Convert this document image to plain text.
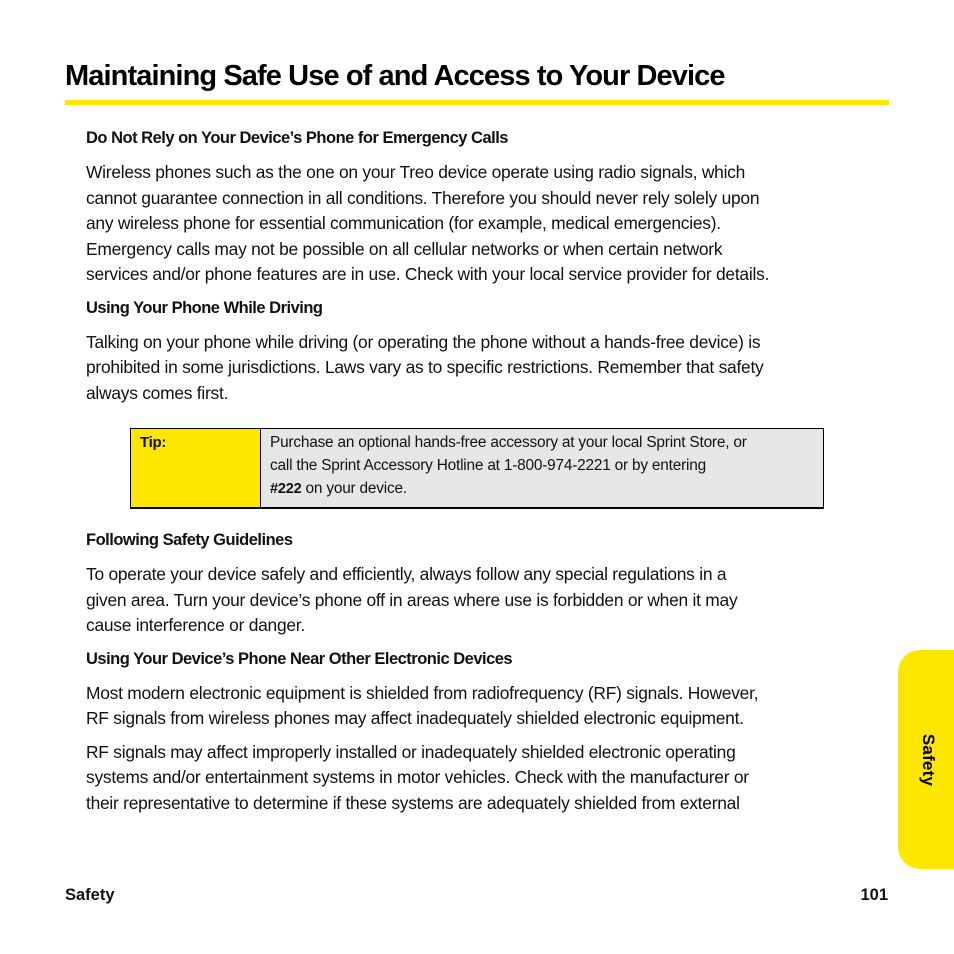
Maintaining Safe Use of and Access to Your Device
Do Not Rely on Your Device’s Phone for Emergency Calls

Wireless phones such as the one on your Treo device operate using radio signals, which
cannot guarantee connection in all conditions. Therefore you should never rely solely upon
any wireless phone for essential communication (for example, medical emergencies).
Emergency calls may not be possible on all cellular networks or when certain network
services and/or phone features are in use. Check with your local service provider for details.

Using Your Phone While Driving

Talking on your phone while driving (or operating the phone without a hands-free device) is
prohibited in some jurisdictions. Laws vary as to specific restrictions. Remember that safety
always comes first.

Following Safety Guidelines

To operate your device safely and efficiently, always follow any special regulations in a
given area. Turn your device’s phone off in areas where use is forbidden or when it may
cause interference or danger.

Using Your Device’s Phone Near Other Electronic Devices

Most modern electronic equipment is shielded from radiofrequency (RF) signals. However,
RF signals from wireless phones may affect inadequately shielded electronic equipment.

RF signals may affect improperly installed or inadequately shielded electronic operating
systems and/or entertainment systems in motor vehicles. Check with the manufacturer or
their representative to determine if these systems are adequately shielded from external

Tip:	Purchase an optional hands-free accessory at your local Sprint Store, or
call the Sprint Accessory Hotline at 1-800-974-2221 or by entering
#222 on your device.
Safety
Safety	101
